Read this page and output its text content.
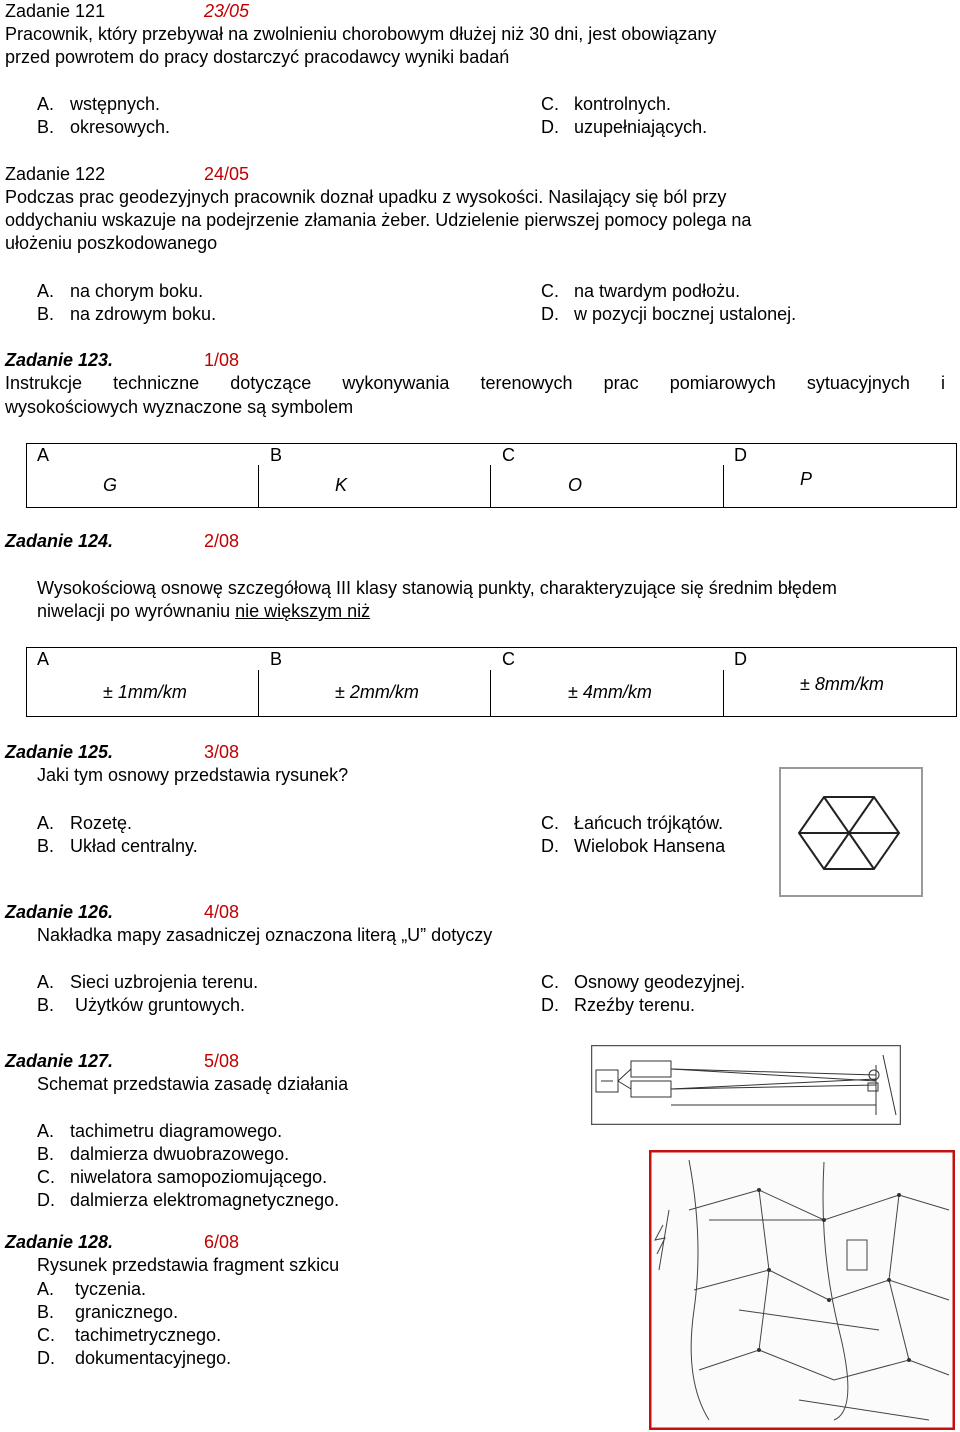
Zadanie 121	23/05
Pracownik, który przebywał na zwolnieniu chorobowym dłużej niż 30 dni, jest obowiązany
przed powrotem do pracy dostarczyć pracodawcy wyniki badań
A. wstępnych.
B. okresowych.
C. kontrolnych.
D. uzupełniających.
Zadanie 122	24/05
Podczas prac geodezyjnych pracownik doznał upadku z wysokości. Nasilający się ból przy
oddychaniu wskazuje na podejrzenie złamania żeber. Udzielenie pierwszej pomocy polega na
ułożeniu poszkodowanego
A. na chorym boku.
B. na zdrowym boku.
C. na twardym podłożu.
D. w pozycji bocznej ustalonej.
Zadanie 123.	1/08
Instrukcje techniczne dotyczące wykonywania terenowych prac pomiarowych sytuacyjnych i
wysokościowych wyznaczone są symbolem
A	B	C	D
G	K	O	P
Zadanie 124.	2/08
Wysokościową osnowę szczegółową III klasy stanowią punkty, charakteryzujące się średnim błędem
niwelacji po wyrównaniu nie większym niż
A	B	C	D
± 1mm/km	± 2mm/km	± 4mm/km	± 8mm/km
Zadanie 125.	3/08
Jaki tym osnowy przedstawia rysunek?
A. Rozetę.
B. Układ centralny.
C. Łańcuch trójkątów.
D. Wielobok Hansena
Zadanie 126.	4/08
Nakładka mapy zasadniczej oznaczona literą „U” dotyczy
A. Sieci uzbrojenia terenu.
B. Użytków gruntowych.
C. Osnowy geodezyjnej.
D. Rzeźby terenu.
Zadanie 127.	5/08
Schemat przedstawia zasadę działania
A. tachimetru diagramowego.
B. dalmierza dwuobrazowego.
C. niwelatora samopoziomującego.
D. dalmierza elektromagnetycznego.
Zadanie 128.	6/08
Rysunek przedstawia fragment szkicu
A. tyczenia.
B. granicznego.
C. tachimetrycznego.
D. dokumentacyjnego.
